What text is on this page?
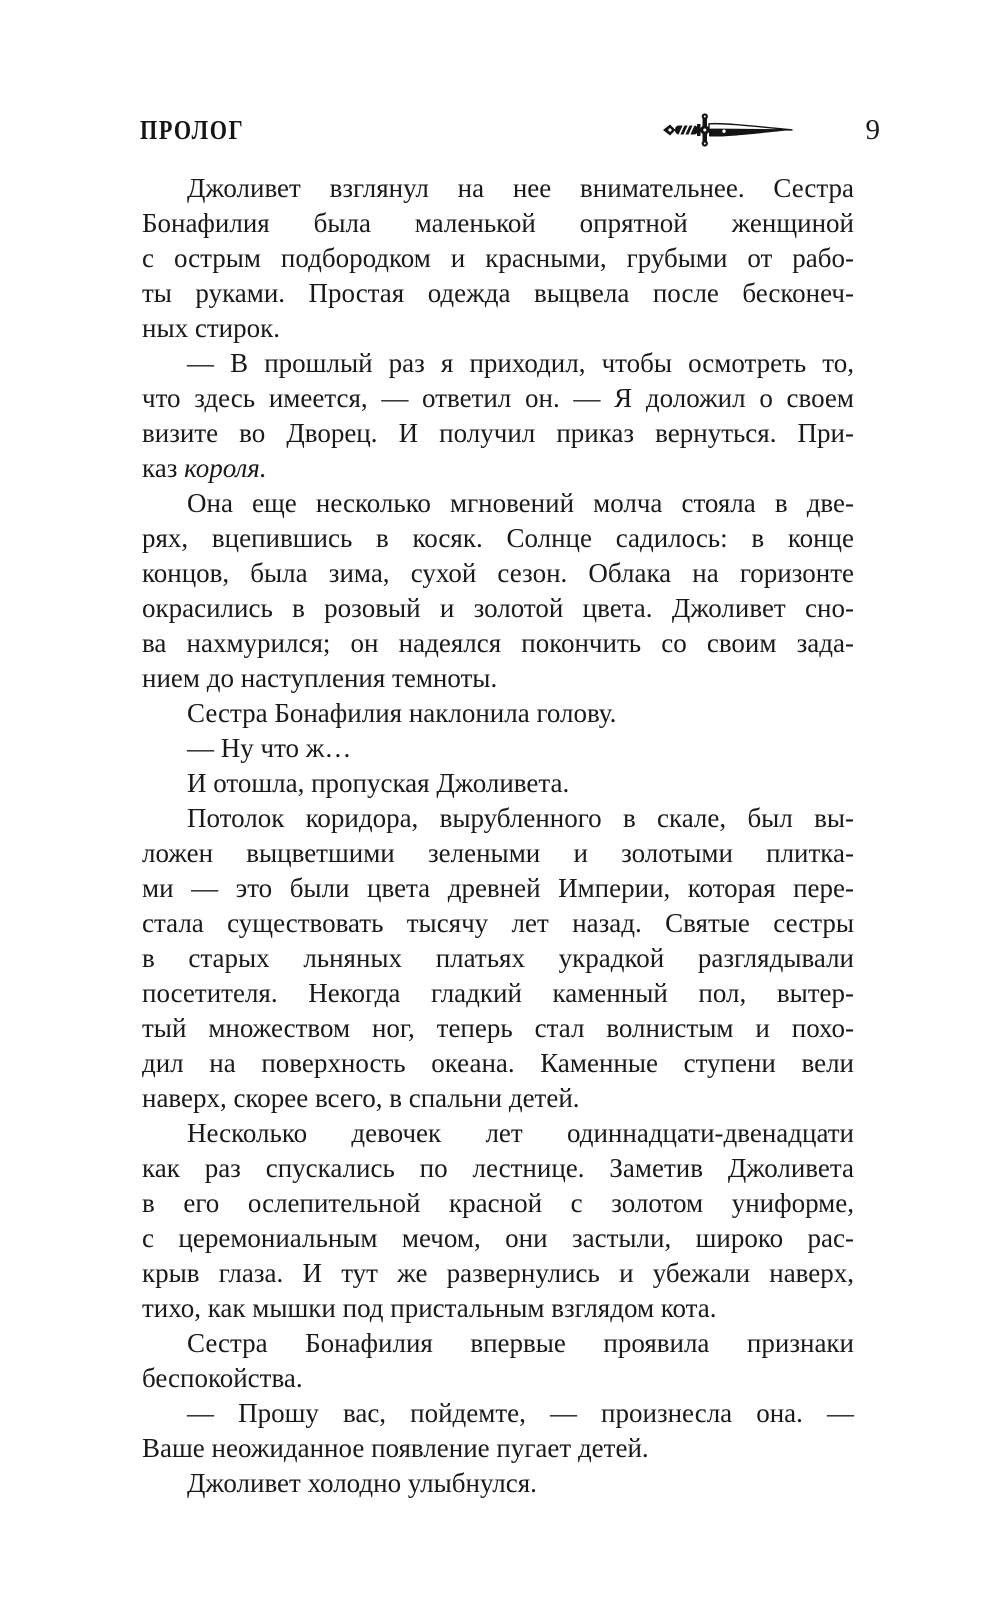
ПРОЛОГ	9
Джоливет взглянул на нее внимательнее. Сестра
Бонафилия была маленькой опрятной женщиной
с острым подбородком и красными, грубыми от рабо-
ты руками. Простая одежда выцвела после бесконеч-
ных стирок.
— В прошлый раз я приходил, чтобы осмотреть то,
что здесь имеется, — ответил он. — Я доложил о своем
визите во Дворец. И получил приказ вернуться. При-
каз короля.
Она еще несколько мгновений молча стояла в две-
рях, вцепившись в косяк. Солнце садилось: в конце
концов, была зима, сухой сезон. Облака на горизонте
окрасились в розовый и золотой цвета. Джоливет сно-
ва нахмурился; он надеялся покончить со своим зада-
нием до наступления темноты.
Сестра Бонафилия наклонила голову.
— Ну что ж…
И отошла, пропуская Джоливета.
Потолок коридора, вырубленного в скале, был вы-
ложен выцветшими зелеными и золотыми плитка-
ми — это были цвета древней Империи, которая пере-
стала существовать тысячу лет назад. Святые сестры
в старых льняных платьях украдкой разглядывали
посетителя. Некогда гладкий каменный пол, вытер-
тый множеством ног, теперь стал волнистым и похо-
дил на поверхность океана. Каменные ступени вели
наверх, скорее всего, в спальни детей.
Несколько девочек лет одиннадцати-двенадцати
как раз спускались по лестнице. Заметив Джоливета
в его ослепительной красной с золотом униформе,
с церемониальным мечом, они застыли, широко рас-
крыв глаза. И тут же развернулись и убежали наверх,
тихо, как мышки под пристальным взглядом кота.
Сестра Бонафилия впервые проявила признаки
беспокойства.
— Прошу вас, пойдемте, — произнесла она. —
Ваше неожиданное появление пугает детей.
Джоливет холодно улыбнулся.
